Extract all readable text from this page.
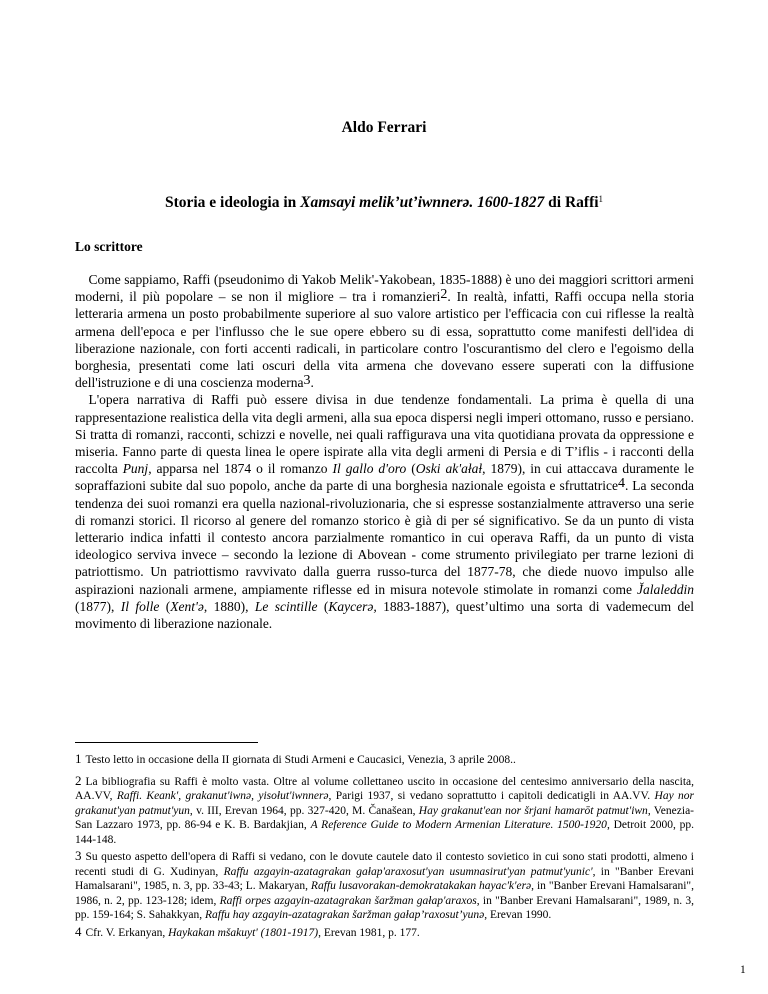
Aldo Ferrari
Storia e ideologia in Xamsayi melik’ut’iwnnerə. 1600-1827 di Raffi$^1$
Lo scrittore

 Come sappiamo, Raffi (pseudonimo di Yakob Melik'-Yakobean, 1835-1888) è uno dei maggiori scrittori armeni moderni, il più popolare – se non il migliore – tra i romanzieri$^2$. In realtà, infatti, Raffi occupa nella storia letteraria armena un posto probabilmente superiore al suo valore artistico per l'efficacia con cui riflesse la realtà armena dell'epoca e per l'influsso che le sue opere ebbero su di essa, soprattutto come manifesti dell'idea di liberazione nazionale, con forti accenti radicali, in particolare contro l'oscurantismo del clero e l'egoismo della borghesia, presentati come lati oscuri della vita armena che dovevano essere superati con la diffusione dell'istruzione e di una coscienza moderna$^3$.

 L'opera narrativa di Raffi può essere divisa in due tendenze fondamentali. La prima è quella di una rappresentazione realistica della vita degli armeni, alla sua epoca dispersi negli imperi ottomano, russo e persiano. Si tratta di romanzi, racconti, schizzi e novelle, nei quali raffigurava una vita quotidiana provata da oppressione e miseria. Fanno parte di questa linea le opere ispirate alla vita degli armeni di Persia e di T’iflis - i racconti della raccolta Punj, apparsa nel 1874 o il romanzo Il gallo d'oro (Oski ak'ałaƚ, 1879), in cui attaccava duramente le sopraffazioni subite dal suo popolo, anche da parte di una borghesia nazionale egoista e sfruttatrice$^4$. La seconda tendenza dei suoi romanzi era quella nazional-rivoluzionaria, che si espresse sostanzialmente attraverso una serie di romanzi storici. Il ricorso al genere del romanzo storico è già di per sé significativo. Se da un punto di vista letterario indica infatti il contesto ancora parzialmente romantico in cui operava Raffi, da un punto di vista ideologico serviva invece – secondo la lezione di Abovean - come strumento privilegiato per trarne lezioni di patriottismo. Un patriottismo ravvivato dalla guerra russo-turca del 1877-78, che diede nuovo impulso alle aspirazioni nazionali armene, ampiamente riflesse ed in misura notevole stimolate in romanzi come J̌alaleddin (1877), Il folle (Xent'ə, 1880), Le scintille (Kaycerə, 1883-1887), quest’ultimo una sorta di vademecum del movimento di liberazione nazionale.

1 Testo letto in occasione della II giornata di Studi Armeni e Caucasici, Venezia, 3 aprile 2008..

2 La bibliografia su Raffi è molto vasta. Oltre al volume collettaneo uscito in occasione del centesimo anniversario della nascita, AA.VV, Raffi. Keank', grakanut'iwnə, yisołut'iwnnerə, Parigi 1937, si vedano soprattutto i capitoli dedicatigli in AA.VV. Hay nor grakanut'yan patmut'yun, v. III, Erevan 1964, pp. 327-420, M. Čanašean, Hay grakanut'ean nor šrjani hamarōt patmut'iwn, Venezia-San Lazzaro 1973, pp. 86-94 e K. B. Bardakjian, A Reference Guide to Modern Armenian Literature. 1500-1920, Detroit 2000, pp. 144-148.

3 Su questo aspetto dell'opera di Raffi si vedano, con le dovute cautele dato il contesto sovietico in cui sono stati prodotti, almeno i recenti studi di G. Xudinyan, Raffu azgayin-azatagrakan gałap'araxosut'yan usumnasirut'yan patmut'yunic', in "Banber Erevani Hamalsarani", 1985, n. 3, pp. 33-43; L. Makaryan, Raffu lusavorakan-demokratakakan hayac'k'erə, in "Banber Erevani Hamalsarani", 1986, n. 2, pp. 123-128; idem, Raffi orpes azgayin-azatagrakan šaržman gałap'araxos, in "Banber Erevani Hamalsarani", 1989, n. 3, pp. 159-164; S. Sahakkyan, Raffu hay azgayin-azatagrakan šaržman gałap’raxosut’yunə, Erevan 1990.

4 Cfr. V. Erkanyan, Haykakan mšakuyt' (1801-1917), Erevan 1981, p. 177.

1
